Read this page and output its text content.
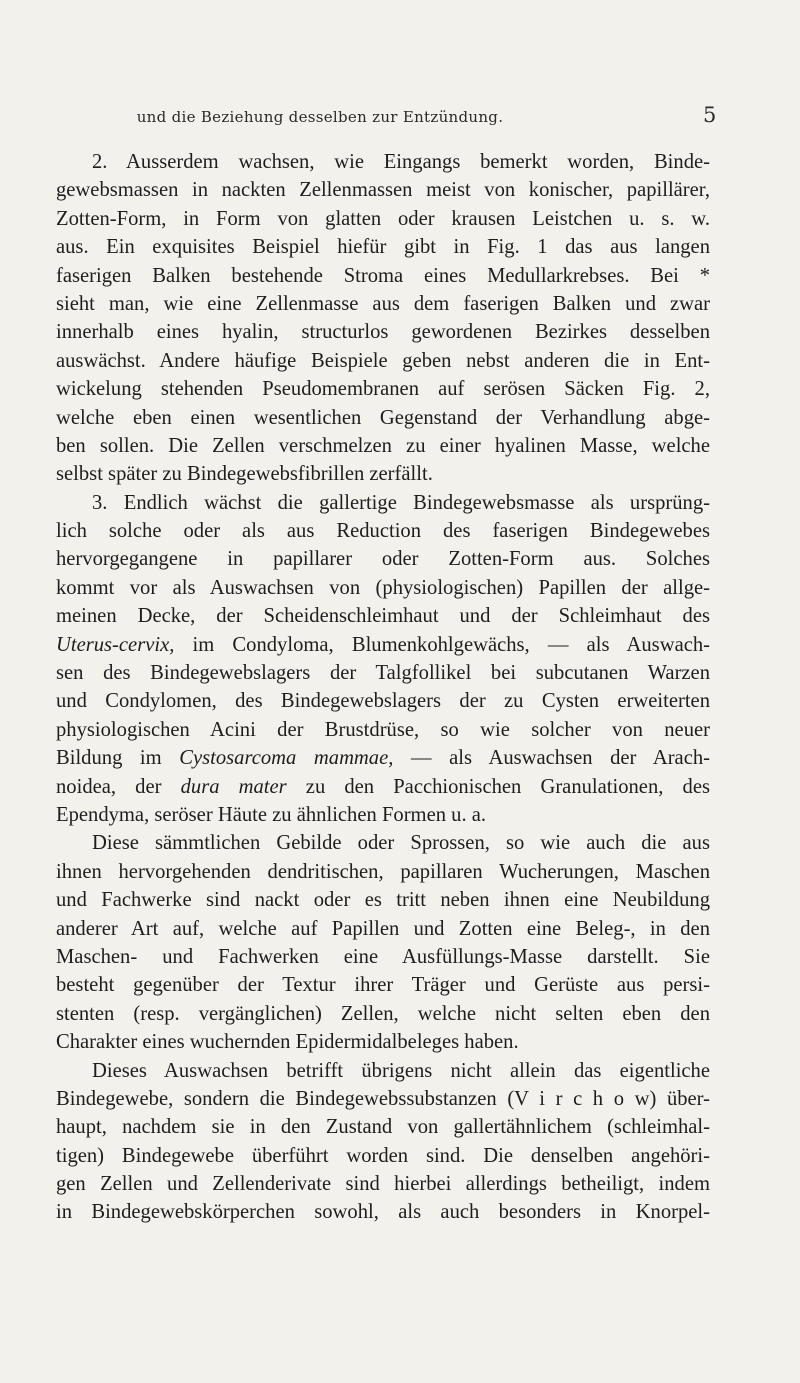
und die Beziehung desselben zur Entzündung.	5
2. Ausserdem wachsen, wie Eingangs bemerkt worden, Binde-
gewebsmassen in nackten Zellenmassen meist von konischer, papillärer,
Zotten-Form, in Form von glatten oder krausen Leistchen u. s. w.
aus. Ein exquisites Beispiel hiefür gibt in Fig. 1 das aus langen
faserigen Balken bestehende Stroma eines Medullarkrebses. Bei *
sieht man, wie eine Zellenmasse aus dem faserigen Balken und zwar
innerhalb eines hyalin, structurlos gewordenen Bezirkes desselben
auswächst. Andere häufige Beispiele geben nebst anderen die in Ent-
wickelung stehenden Pseudomembranen auf serösen Säcken Fig. 2,
welche eben einen wesentlichen Gegenstand der Verhandlung abge-
ben sollen. Die Zellen verschmelzen zu einer hyalinen Masse, welche
selbst später zu Bindegewebsfibrillen zerfällt.
3. Endlich wächst die gallertige Bindegewebsmasse als ursprüng-
lich solche oder als aus Reduction des faserigen Bindegewebes
hervorgegangene in papillarer oder Zotten-Form aus. Solches
kommt vor als Auswachsen von (physiologischen) Papillen der allge-
meinen Decke, der Scheidenschleimhaut und der Schleimhaut des
Uterus-cervix, im Condyloma, Blumenkohlgewächs, — als Auswach-
sen des Bindegewebslagers der Talgfollikel bei subcutanen Warzen
und Condylomen, des Bindegewebslagers der zu Cysten erweiterten
physiologischen Acini der Brustdrüse, so wie solcher von neuer
Bildung im Cystosarcoma mammae, — als Auswachsen der Arach-
noidea, der dura mater zu den Pacchionischen Granulationen, des
Ependyma, seröser Häute zu ähnlichen Formen u. a.
Diese sämmtlichen Gebilde oder Sprossen, so wie auch die aus
ihnen hervorgehenden dendritischen, papillaren Wucherungen, Maschen
und Fachwerke sind nackt oder es tritt neben ihnen eine Neubildung
anderer Art auf, welche auf Papillen und Zotten eine Beleg-, in den
Maschen- und Fachwerken eine Ausfüllungs-Masse darstellt. Sie
besteht gegenüber der Textur ihrer Träger und Gerüste aus persi-
stenten (resp. vergänglichen) Zellen, welche nicht selten eben den
Charakter eines wuchernden Epidermidalbeleges haben.
Dieses Auswachsen betrifft übrigens nicht allein das eigentliche
Bindegewebe, sondern die Bindegewebssubstanzen (V i r c h o w) über-
haupt, nachdem sie in den Zustand von gallertähnlichem (schleimhal-
tigen) Bindegewebe überführt worden sind. Die denselben angehöri-
gen Zellen und Zellenderivate sind hierbei allerdings betheiligt, indem
in Bindegewebskörperchen sowohl, als auch besonders in Knorpel-
